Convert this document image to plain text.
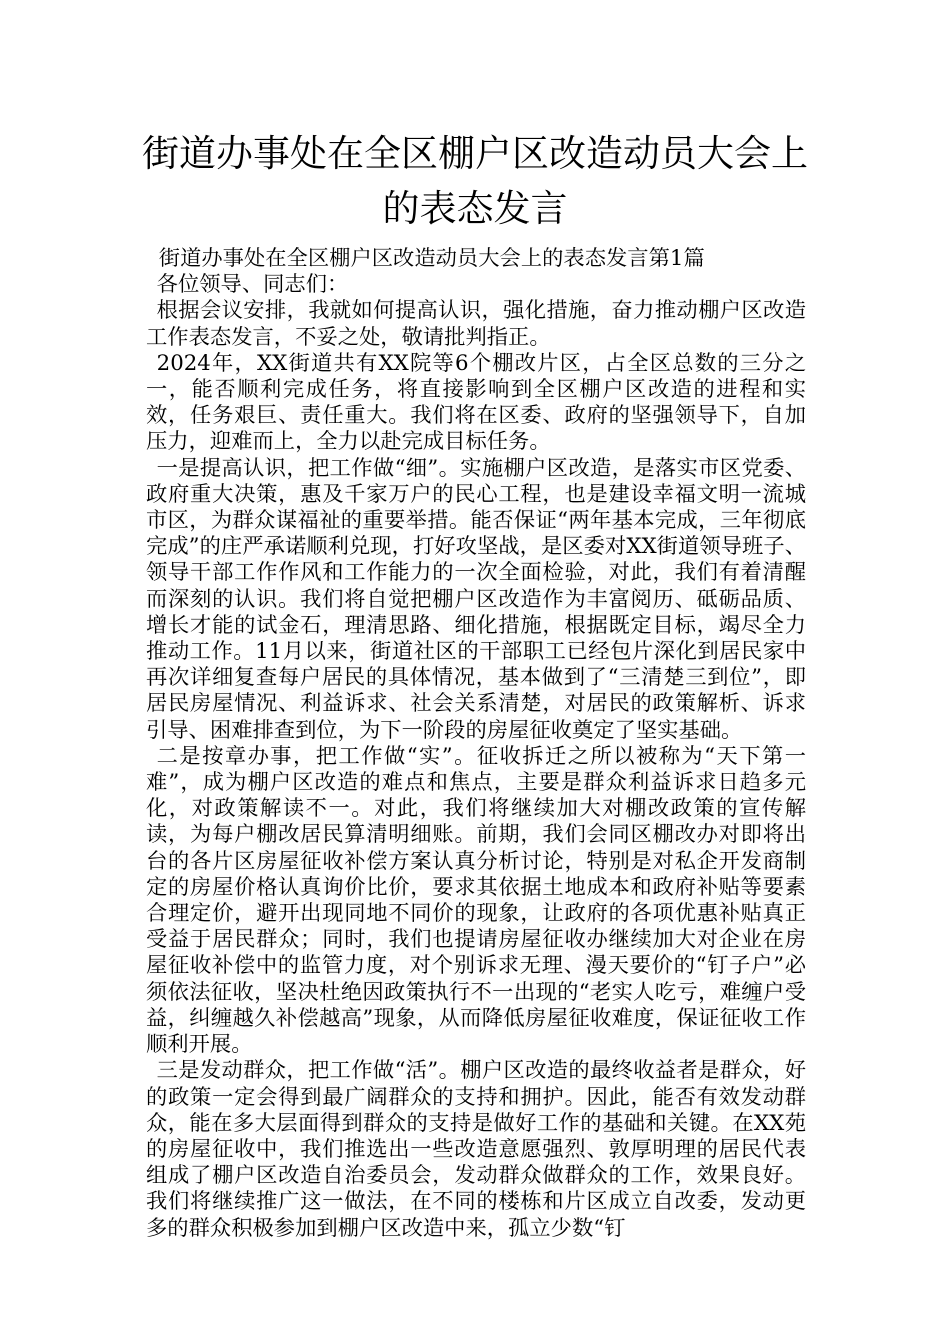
街道办事处在全区棚户区改造动员大会上
的表态发言

街道办事处在全区棚户区改造动员大会上的表态发言第1篇

各位领导、同志们：

根据会议安排，我就如何提高认识，强化措施，奋力推动棚户区改造工作表态发言，不妥之处，敬请批判指正。

2024年，XX街道共有XX院等6个棚改片区，占全区总数的三分之一，能否顺利完成任务，将直接影响到全区棚户区改造的进程和实效，任务艰巨、责任重大。我们将在区委、政府的坚强领导下，自加压力，迎难而上，全力以赴完成目标任务。

一是提高认识，把工作做“细”。实施棚户区改造，是落实市区党委、政府重大决策，惠及千家万户的民心工程，也是建设幸福文明一流城市区，为群众谋福祉的重要举措。能否保证“两年基本完成，三年彻底完成”的庄严承诺顺利兑现，打好攻坚战，是区委对XX街道领导班子、领导干部工作作风和工作能力的一次全面检验，对此，我们有着清醒而深刻的认识。我们将自觉把棚户区改造作为丰富阅历、砥砺品质、增长才能的试金石，理清思路、细化措施，根据既定目标，竭尽全力推动工作。11月以来，街道社区的干部职工已经包片深化到居民家中再次详细复查每户居民的具体情况，基本做到了“三清楚三到位”，即居民房屋情况、利益诉求、社会关系清楚，对居民的政策解析、诉求引导、困难排查到位，为下一阶段的房屋征收奠定了坚实基础。

二是按章办事，把工作做“实”。征收拆迁之所以被称为“天下第一难”，成为棚户区改造的难点和焦点，主要是群众利益诉求日趋多元化，对政策解读不一。对此，我们将继续加大对棚改政策的宣传解读，为每户棚改居民算清明细账。前期，我们会同区棚改办对即将出台的各片区房屋征收补偿方案认真分析讨论，特别是对私企开发商制定的房屋价格认真询价比价，要求其依据土地成本和政府补贴等要素合理定价，避开出现同地不同价的现象，让政府的各项优惠补贴真正受益于居民群众；同时，我们也提请房屋征收办继续加大对企业在房屋征收补偿中的监管力度，对个别诉求无理、漫天要价的“钉子户”必须依法征收，坚决杜绝因政策执行不一出现的“老实人吃亏，难缠户受益，纠缠越久补偿越高”现象，从而降低房屋征收难度，保证征收工作顺利开展。

三是发动群众，把工作做“活”。棚户区改造的最终收益者是群众，好的政策一定会得到最广阔群众的支持和拥护。因此，能否有效发动群众，能在多大层面得到群众的支持是做好工作的基础和关键。在XX苑的房屋征收中，我们推选出一些改造意愿强烈、敦厚明理的居民代表组成了棚户区改造自治委员会，发动群众做群众的工作，效果良好。我们将继续推广这一做法，在不同的楼栋和片区成立自改委，发动更多的群众积极参加到棚户区改造中来，孤立少数“钉
